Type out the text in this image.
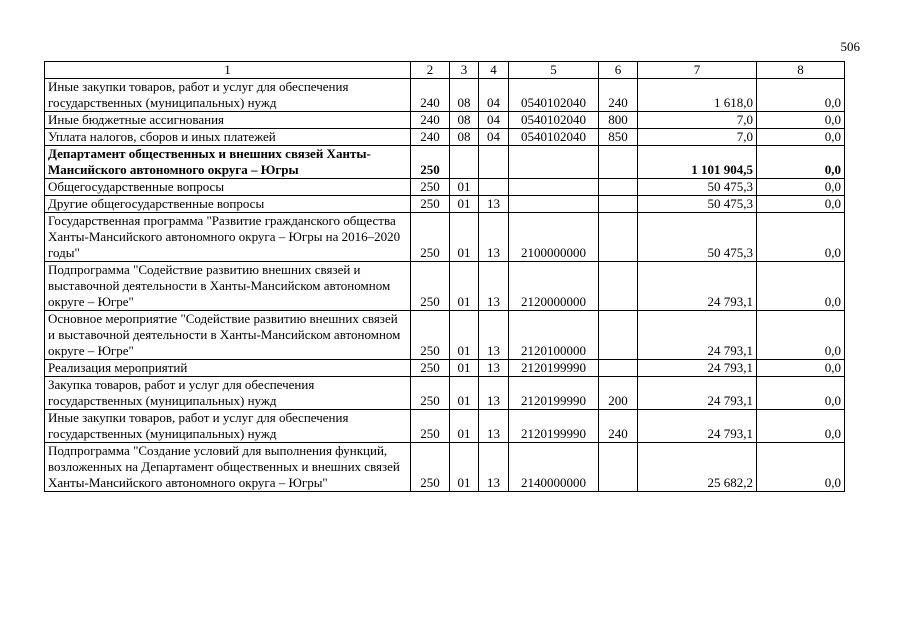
506
1	2	3	4	5	6	7	8
Иные закупки товаров, работ и услуг для обеспечения государственных (муниципальных) нужд	240	08	04	0540102040	240	1 618,0	0,0
Иные бюджетные ассигнования	240	08	04	0540102040	800	7,0	0,0
Уплата налогов, сборов и иных платежей	240	08	04	0540102040	850	7,0	0,0
Департамент общественных и внешних связей Ханты-Мансийского автономного округа – Югры	250					1 101 904,5	0,0
Общегосударственные вопросы	250	01				50 475,3	0,0
Другие общегосударственные вопросы	250	01	13			50 475,3	0,0
Государственная программа "Развитие гражданского общества Ханты-Мансийского автономного округа – Югры на 2016–2020 годы"	250	01	13	2100000000		50 475,3	0,0
Подпрограмма "Содействие развитию внешних связей и выставочной деятельности в Ханты-Мансийском автономном округе – Югре"	250	01	13	2120000000		24 793,1	0,0
Основное мероприятие "Содействие развитию внешних связей и выставочной деятельности в Ханты-Мансийском автономном округе – Югре"	250	01	13	2120100000		24 793,1	0,0
Реализация мероприятий	250	01	13	2120199990		24 793,1	0,0
Закупка товаров, работ и услуг для обеспечения государственных (муниципальных) нужд	250	01	13	2120199990	200	24 793,1	0,0
Иные закупки товаров, работ и услуг для обеспечения государственных (муниципальных) нужд	250	01	13	2120199990	240	24 793,1	0,0
Подпрограмма "Создание условий для выполнения функций, возложенных на Департамент общественных и внешних связей Ханты-Мансийского автономного округа – Югры"	250	01	13	2140000000		25 682,2	0,0
